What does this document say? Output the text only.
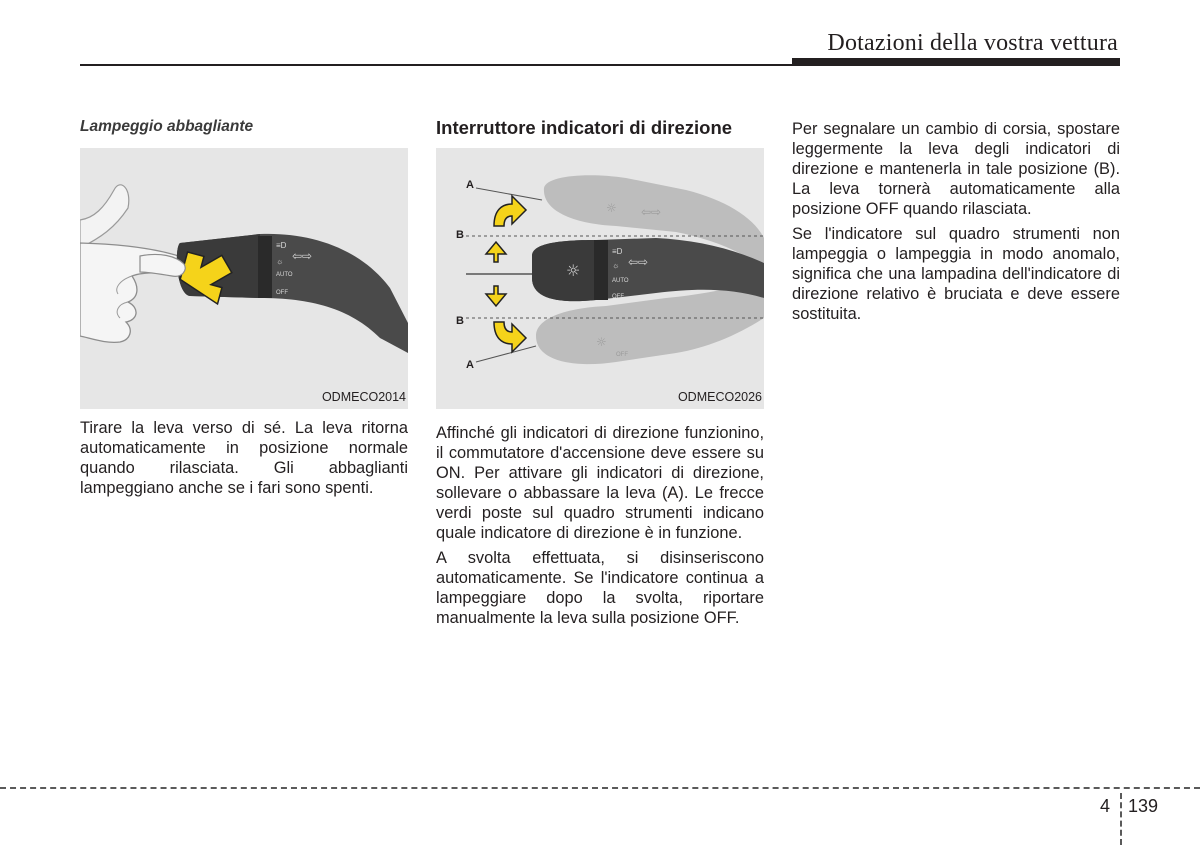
Dotazioni della vostra vettura
Lampeggio abbagliante
≡D
☼
AUTO
OFF
⇦⇨
ODMECO2014

Tirare la leva verso di sé. La leva ritorna automaticamente in posizione normale quando rilasciata. Gli abbaglianti lampeggiano anche se i fari sono spenti.

Interruttore indicatori di direzione
≡D
☼
AUTO
OFF
⇦⇨
☼
☼ ⇦⇨
☼
OFF
A
B
B
A
ODMECO2026

Affinché gli indicatori di direzione funzionino, il commutatore d'accensione deve essere su ON. Per attivare gli indicatori di direzione, sollevare o abbassare la leva (A). Le frecce verdi poste sul quadro strumenti indicano quale indicatore di direzione è in funzione.

A svolta effettuata, si disinseriscono automaticamente. Se l'indicatore continua a lampeggiare dopo la svolta, riportare manualmente la leva sulla posizione OFF.

Per segnalare un cambio di corsia, spostare leggermente la leva degli indicatori di direzione e mantenerla in tale posizione (B). La leva tornerà automaticamente alla posizione OFF quando rilasciata.

Se l'indicatore sul quadro strumenti non lampeggia o lampeggia in modo anomalo, significa che una lampadina dell'indicatore di direzione relativo è bruciata e deve essere sostituita.

4 139
